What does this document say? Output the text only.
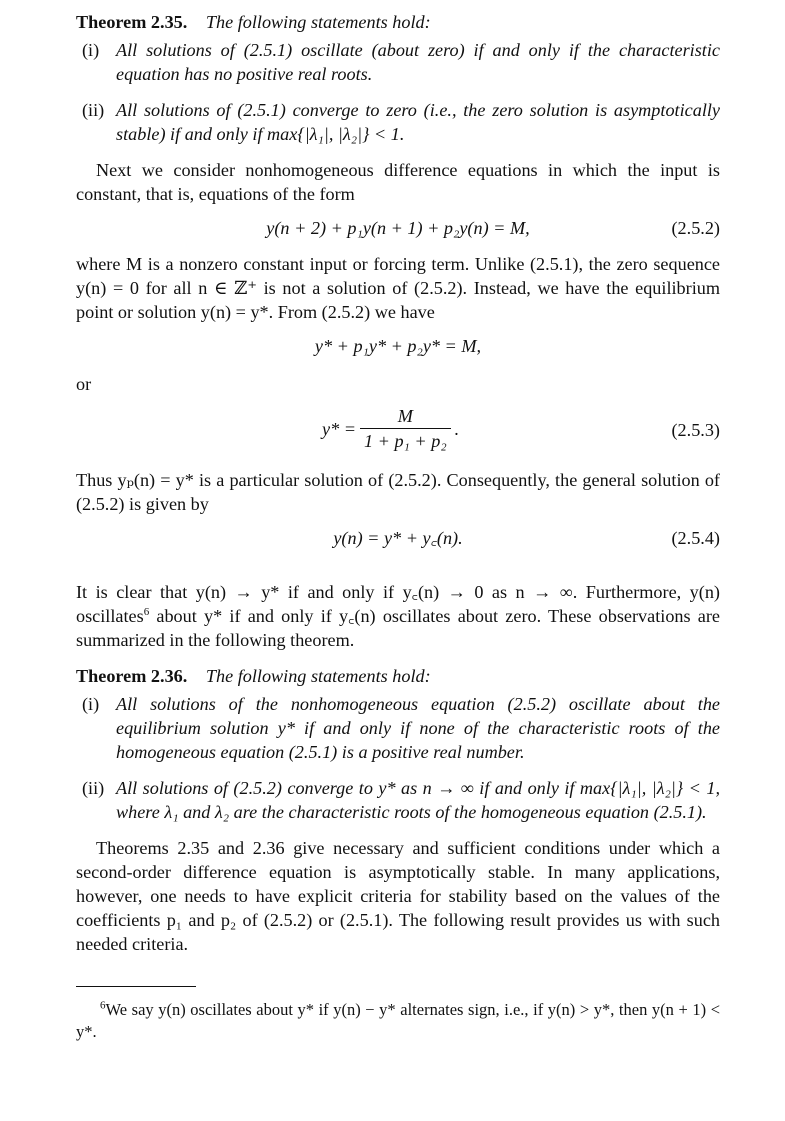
Theorem 2.35. The following statements hold:

(i) All solutions of (2.5.1) oscillate (about zero) if and only if the characteristic equation has no positive real roots.
(ii) All solutions of (2.5.1) converge to zero (i.e., the zero solution is asymptotically stable) if and only if max{|λ₁|, |λ₂|} < 1.

Next we consider nonhomogeneous difference equations in which the input is constant, that is, equations of the form

y(n + 2) + p₁y(n + 1) + p₂y(n) = M,	(2.5.2)

where M is a nonzero constant input or forcing term. Unlike (2.5.1), the zero sequence y(n) = 0 for all n ∈ ℤ⁺ is not a solution of (2.5.2). Instead, we have the equilibrium point or solution y(n) = y*. From (2.5.2) we have

y* + p₁y* + p₂y* = M,

or

$y* = \frac{M}{\text{1 + p₁ + p₂}}$ .	(2.5.3)

Thus yₚ(n) = y* is a particular solution of (2.5.2). Consequently, the general solution of (2.5.2) is given by

y(n) = y* + y꜀(n).	(2.5.4)

It is clear that y(n) → y* if and only if y꜀(n) → 0 as n → ∞. Furthermore, y(n) oscillates$^6$ about y* if and only if y꜀(n) oscillates about zero. These observations are summarized in the following theorem.

Theorem 2.36. The following statements hold:

(i) All solutions of the nonhomogeneous equation (2.5.2) oscillate about the equilibrium solution y* if and only if none of the characteristic roots of the homogeneous equation (2.5.1) is a positive real number.
(ii) All solutions of (2.5.2) converge to y* as n → ∞ if and only if max{|λ₁|, |λ₂|} < 1, where λ₁ and λ₂ are the characteristic roots of the homogeneous equation (2.5.1).

Theorems 2.35 and 2.36 give necessary and sufficient conditions under which a second-order difference equation is asymptotically stable. In many applications, however, one needs to have explicit criteria for stability based on the values of the coefficients p₁ and p₂ of (2.5.2) or (2.5.1). The following result provides us with such needed criteria.

$^6$We say y(n) oscillates about y* if y(n) − y* alternates sign, i.e., if y(n) > y*, then y(n + 1) < y*.
